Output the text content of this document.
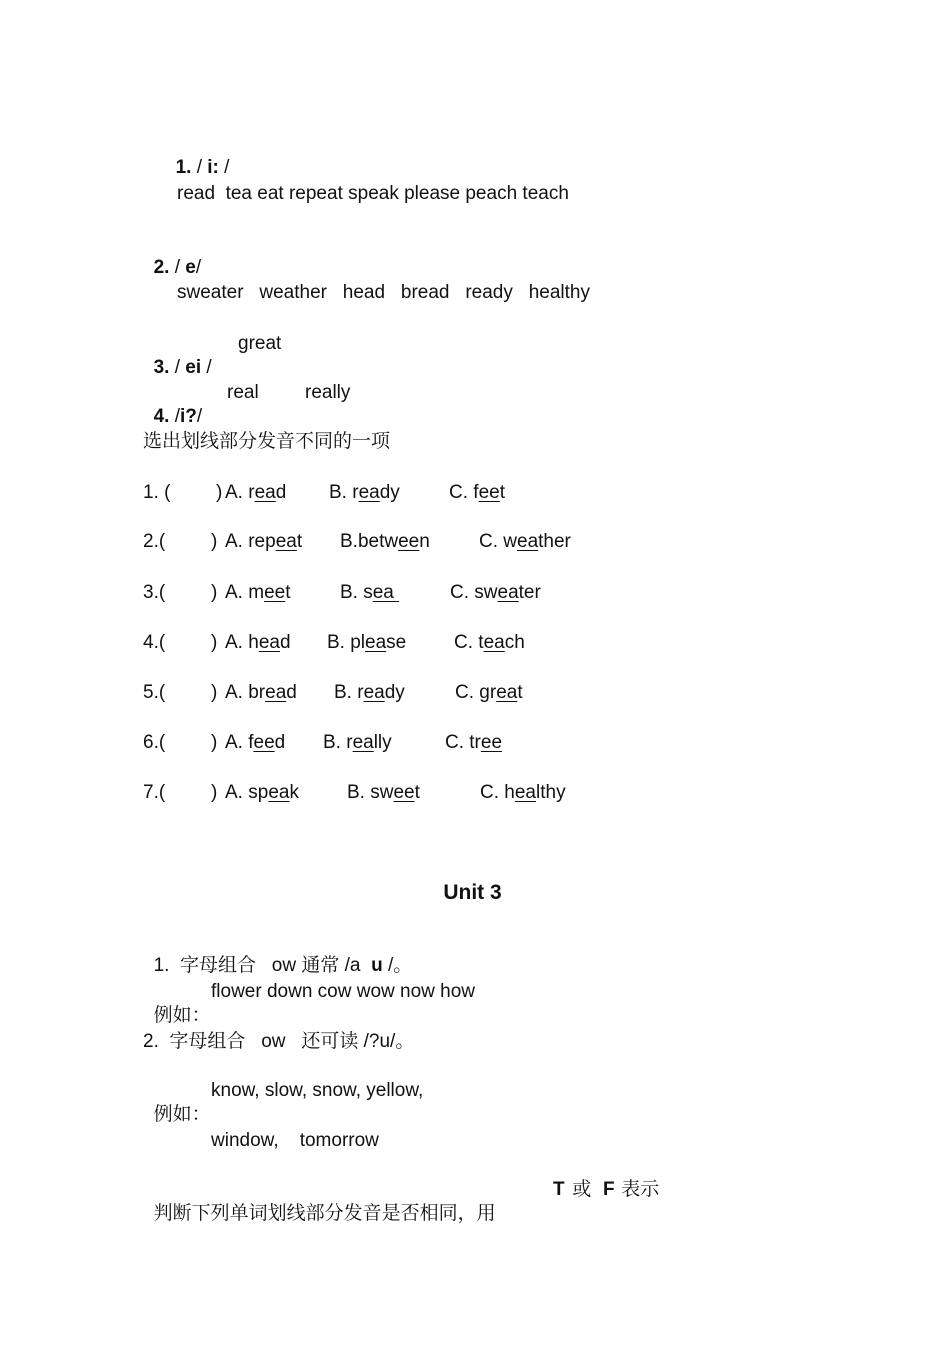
1. / i: /

read  tea eat repeat speak please peach teach

2. / e/

sweater   weather   head   bread   ready   healthy

3. / ei /

great

4. /i?/

real

really

选出划线部分发音不同的一项
1. ( ) A. read B. ready	C. feet
2.( ) A. repeat B.between	C. weather
3.( ) A. meet	B. sea	C. sweater
4.( ) A. head B. please	C. teach
5.( ) A. bread B. ready	C. great
6.( ) A. feed B. really	C. tree
7.( ) A. speak	B. sweet	C. healthy
Unit 3

1.  字母组合   ow 通常 /a  u /。

例如：

flower down cow wow now how

2.  字母组合   ow   还可读 /?u/。

例如：

know, slow, snow, yellow,

window,    tomorrow

判断下列单词划线部分发音是否相同，用

T

或

F

表示
